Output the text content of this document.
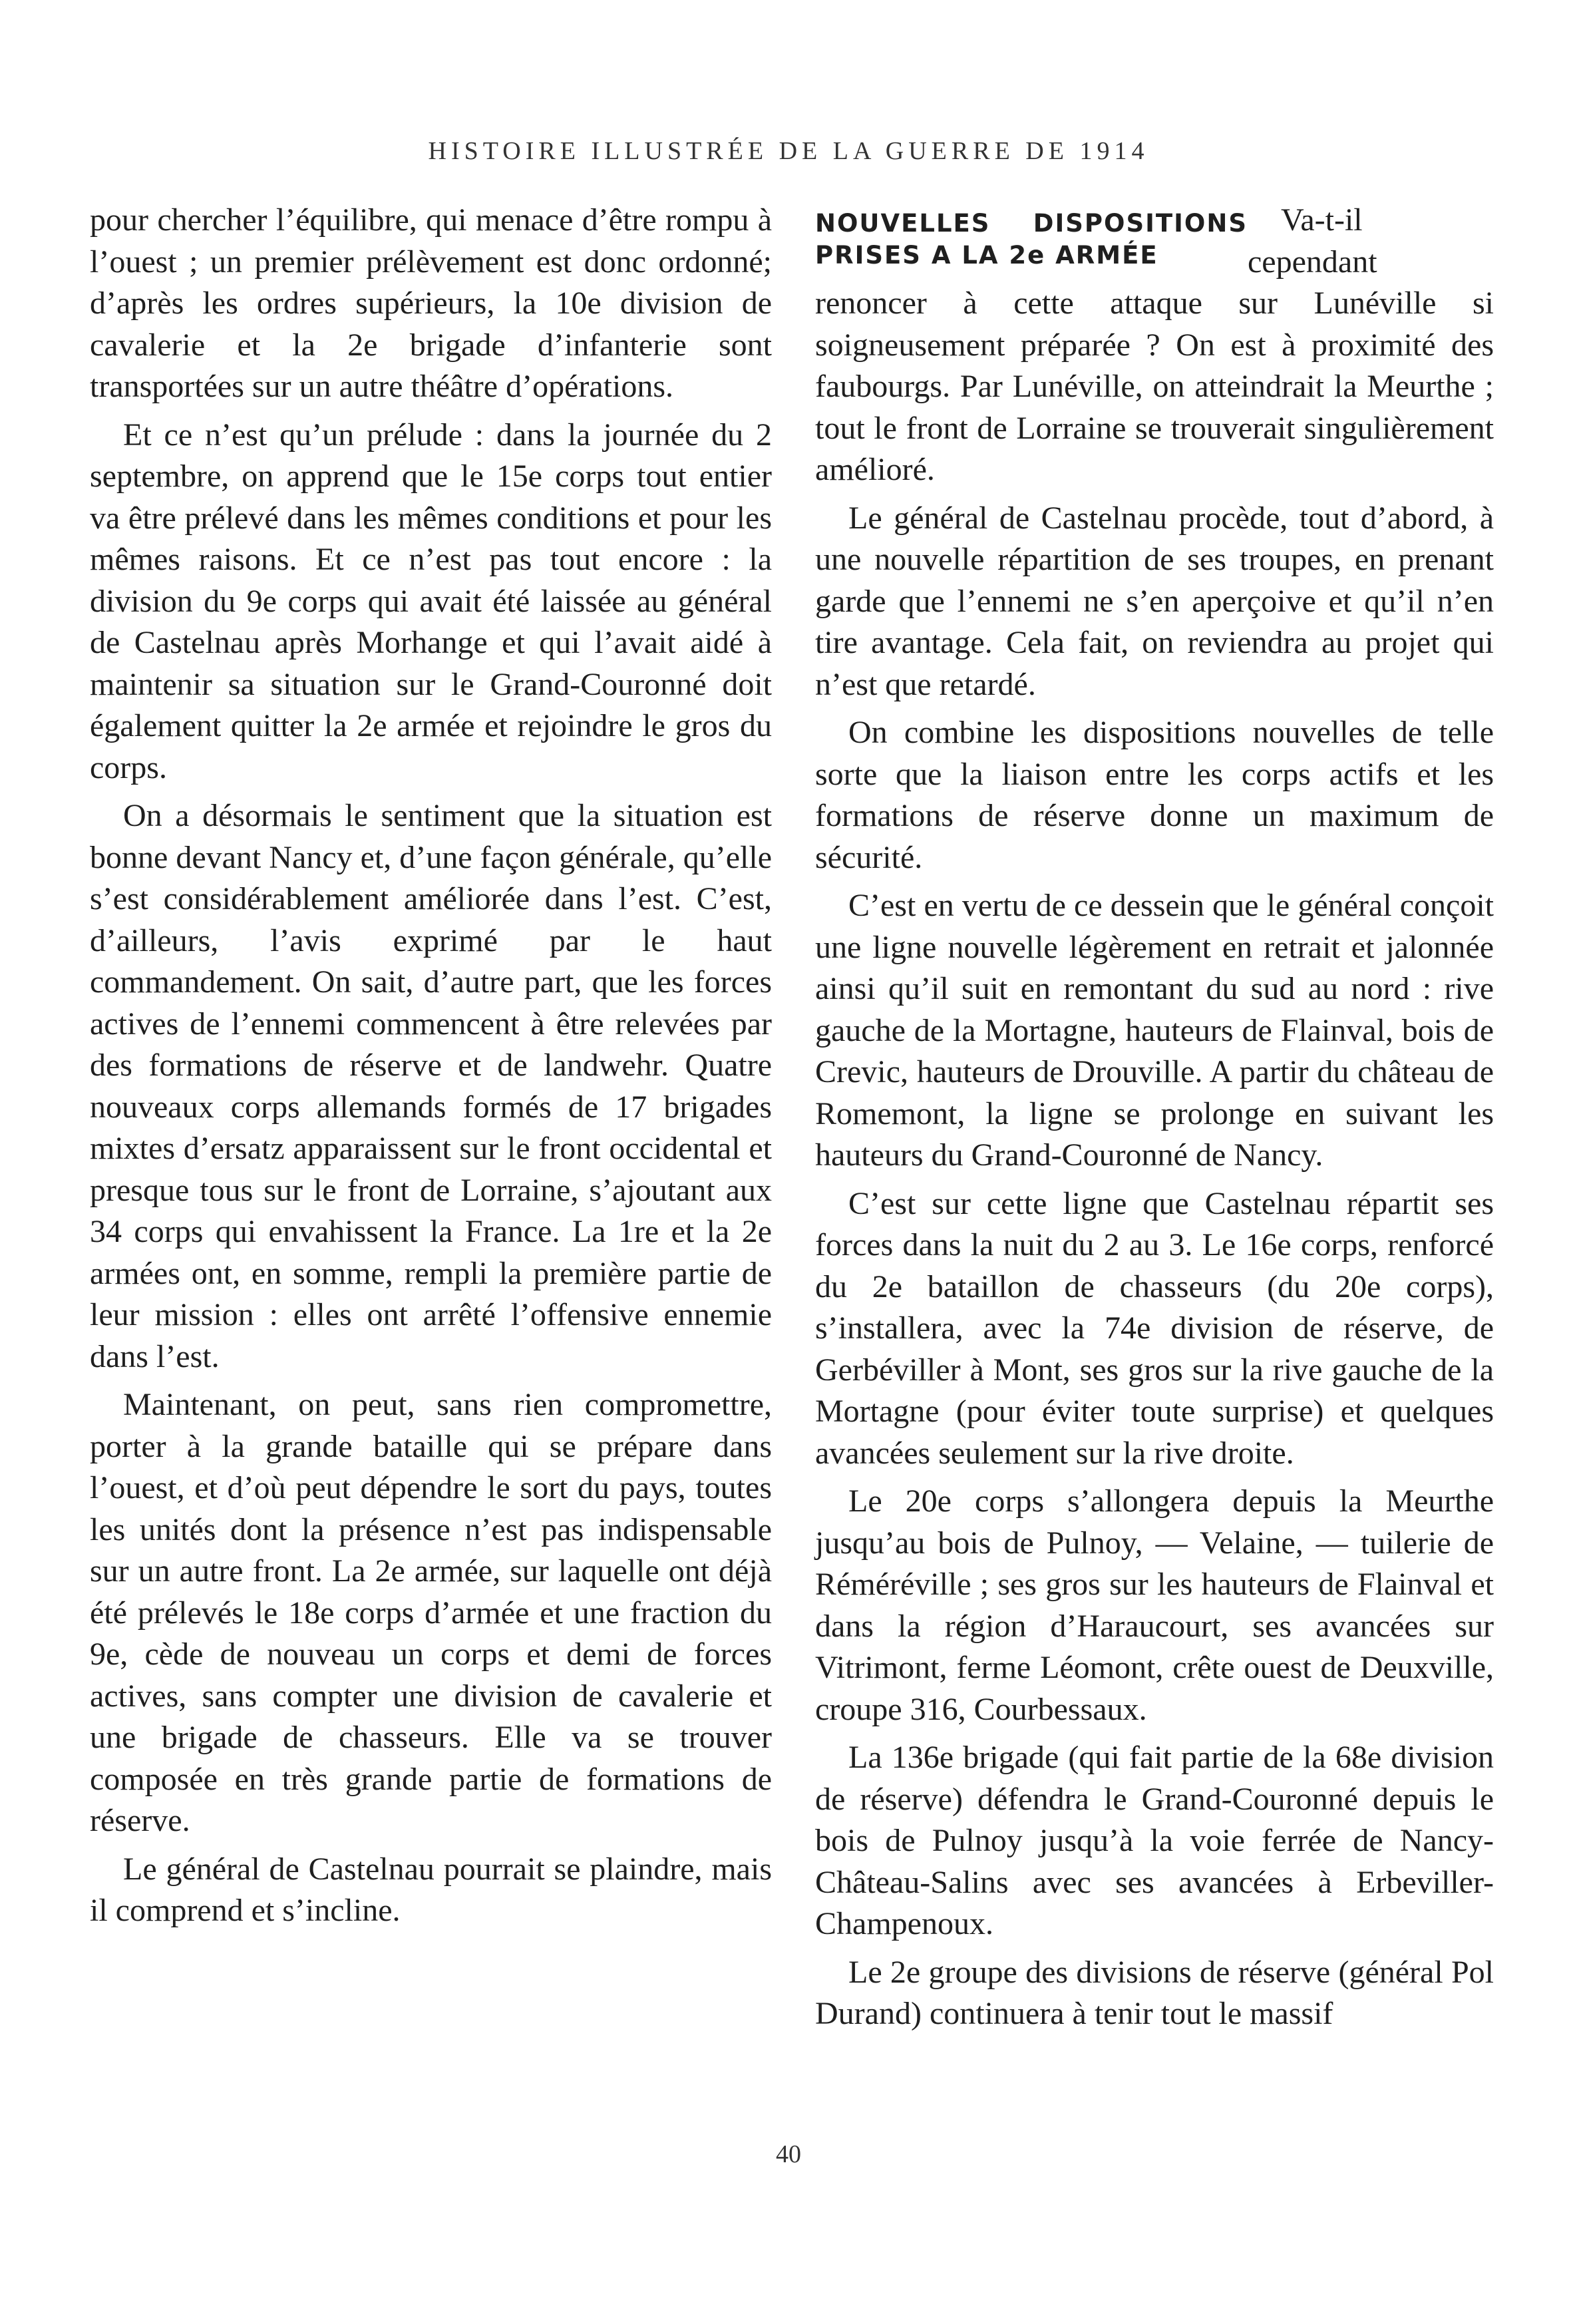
HISTOIRE ILLUSTRÉE DE LA GUERRE DE 1914

pour chercher l’équilibre, qui menace d’être rompu à l’ouest ; un premier prélèvement est donc ordonné; d’après les ordres supérieurs, la 10e division de cavalerie et la 2e brigade d’infanterie sont transportées sur un autre théâtre d’opérations.

Et ce n’est qu’un prélude : dans la journée du 2 septembre, on apprend que le 15e corps tout entier va être prélevé dans les mêmes conditions et pour les mêmes raisons. Et ce n’est pas tout encore : la division du 9e corps qui avait été laissée au général de Castelnau après Morhange et qui l’avait aidé à maintenir sa situation sur le Grand-Couronné doit également quitter la 2e armée et rejoindre le gros du corps.

On a désormais le sentiment que la situation est bonne devant Nancy et, d’une façon générale, qu’elle s’est considérablement améliorée dans l’est. C’est, d’ailleurs, l’avis exprimé par le haut commandement. On sait, d’autre part, que les forces actives de l’ennemi commencent à être relevées par des formations de réserve et de landwehr. Quatre nouveaux corps allemands formés de 17 brigades mixtes d’ersatz apparaissent sur le front occidental et presque tous sur le front de Lorraine, s’ajoutant aux 34 corps qui envahissent la France. La 1re et la 2e armées ont, en somme, rempli la première partie de leur mission : elles ont arrêté l’offensive ennemie dans l’est.

Maintenant, on peut, sans rien compromettre, porter à la grande bataille qui se prépare dans l’ouest, et d’où peut dépendre le sort du pays, toutes les unités dont la présence n’est pas indispensable sur un autre front. La 2e armée, sur laquelle ont déjà été prélevés le 18e corps d’armée et une fraction du 9e, cède de nouveau un corps et demi de forces actives, sans compter une division de cavalerie et une brigade de chasseurs. Elle va se trouver composée en très grande partie de formations de réserve.

Le général de Castelnau pourrait se plaindre, mais il comprend et s’incline.

NOUVELLES DISPOSITIONS PRISES A LA 2e ARMÉE

Va-t-il cependant renoncer à cette attaque sur Lunéville si soigneusement préparée ? On est à proximité des faubourgs. Par Lunéville, on atteindrait la Meurthe ; tout le front de Lorraine se trouverait singulièrement amélioré.

Le général de Castelnau procède, tout d’abord, à une nouvelle répartition de ses troupes, en prenant garde que l’ennemi ne s’en aperçoive et qu’il n’en tire avantage. Cela fait, on reviendra au projet qui n’est que retardé.

On combine les dispositions nouvelles de telle sorte que la liaison entre les corps actifs et les formations de réserve donne un maximum de sécurité.

C’est en vertu de ce dessein que le général conçoit une ligne nouvelle légèrement en retrait et jalonnée ainsi qu’il suit en remontant du sud au nord : rive gauche de la Mortagne, hauteurs de Flainval, bois de Crevic, hauteurs de Drouville. A partir du château de Romemont, la ligne se prolonge en suivant les hauteurs du Grand-Couronné de Nancy.

C’est sur cette ligne que Castelnau répartit ses forces dans la nuit du 2 au 3. Le 16e corps, renforcé du 2e bataillon de chasseurs (du 20e corps), s’installera, avec la 74e division de réserve, de Gerbéviller à Mont, ses gros sur la rive gauche de la Mortagne (pour éviter toute surprise) et quelques avancées seulement sur la rive droite.

Le 20e corps s’allongera depuis la Meurthe jusqu’au bois de Pulnoy, — Velaine, — tuilerie de Réméréville ; ses gros sur les hauteurs de Flainval et dans la région d’Haraucourt, ses avancées sur Vitrimont, ferme Léomont, crête ouest de Deuxville, croupe 316, Courbessaux.

La 136e brigade (qui fait partie de la 68e division de réserve) défendra le Grand-Couronné depuis le bois de Pulnoy jusqu’à la voie ferrée de Nancy-Château-Salins avec ses avancées à Erbeviller-Champenoux.

Le 2e groupe des divisions de réserve (général Pol Durand) continuera à tenir tout le massif

40
